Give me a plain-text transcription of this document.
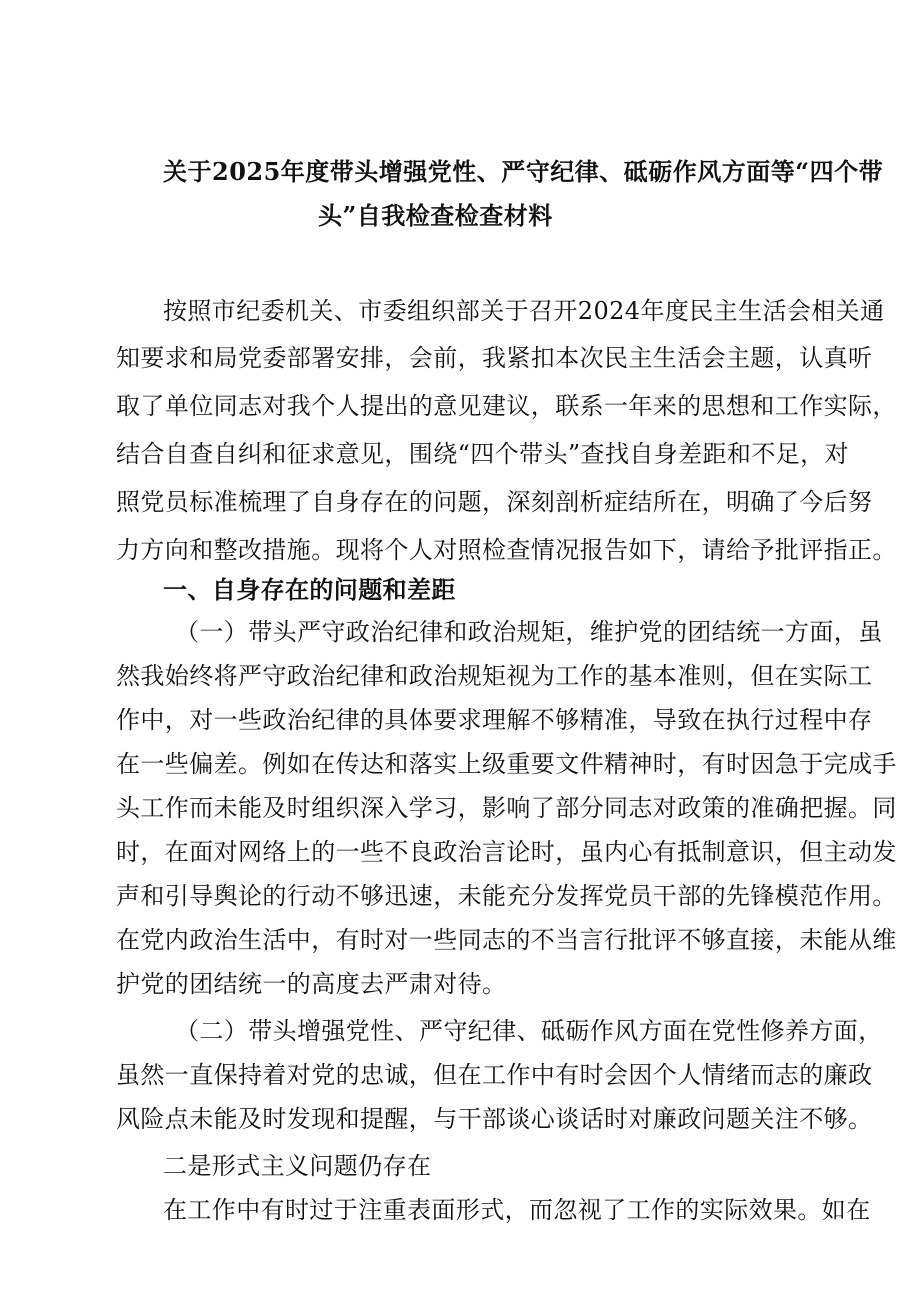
关于2025年度带头增强党性、严守纪律、砥砺作风方面等“四个带
头”自我检查检查材料
按照市纪委机关、市委组织部关于召开2024年度民主生活会相关通
知要求和局党委部署安排，会前，我紧扣本次民主生活会主题，认真听
取了单位同志对我个人提出的意见建议，联系一年来的思想和工作实际，
结合自查自纠和征求意见，围绕“四个带头”查找自身差距和不足，对
照党员标准梳理了自身存在的问题，深刻剖析症结所在，明确了今后努
力方向和整改措施。现将个人对照检查情况报告如下，请给予批评指正。
一、自身存在的问题和差距
（一）带头严守政治纪律和政治规矩，维护党的团结统一方面，虽
然我始终将严守政治纪律和政治规矩视为工作的基本准则，但在实际工
作中，对一些政治纪律的具体要求理解不够精准，导致在执行过程中存
在一些偏差。例如在传达和落实上级重要文件精神时，有时因急于完成手
头工作而未能及时组织深入学习，影响了部分同志对政策的准确把握。同
时，在面对网络上的一些不良政治言论时，虽内心有抵制意识，但主动发
声和引导舆论的行动不够迅速，未能充分发挥党员干部的先锋模范作用。
在党内政治生活中，有时对一些同志的不当言行批评不够直接，未能从维
护党的团结统一的高度去严肃对待。
（二）带头增强党性、严守纪律、砥砺作风方面在党性修养方面，
虽然一直保持着对党的忠诚，但在工作中有时会因个人情绪而志的廉政
风险点未能及时发现和提醒，与干部谈心谈话时对廉政问题关注不够。
二是形式主义问题仍存在
在工作中有时过于注重表面形式，而忽视了工作的实际效果。如在
